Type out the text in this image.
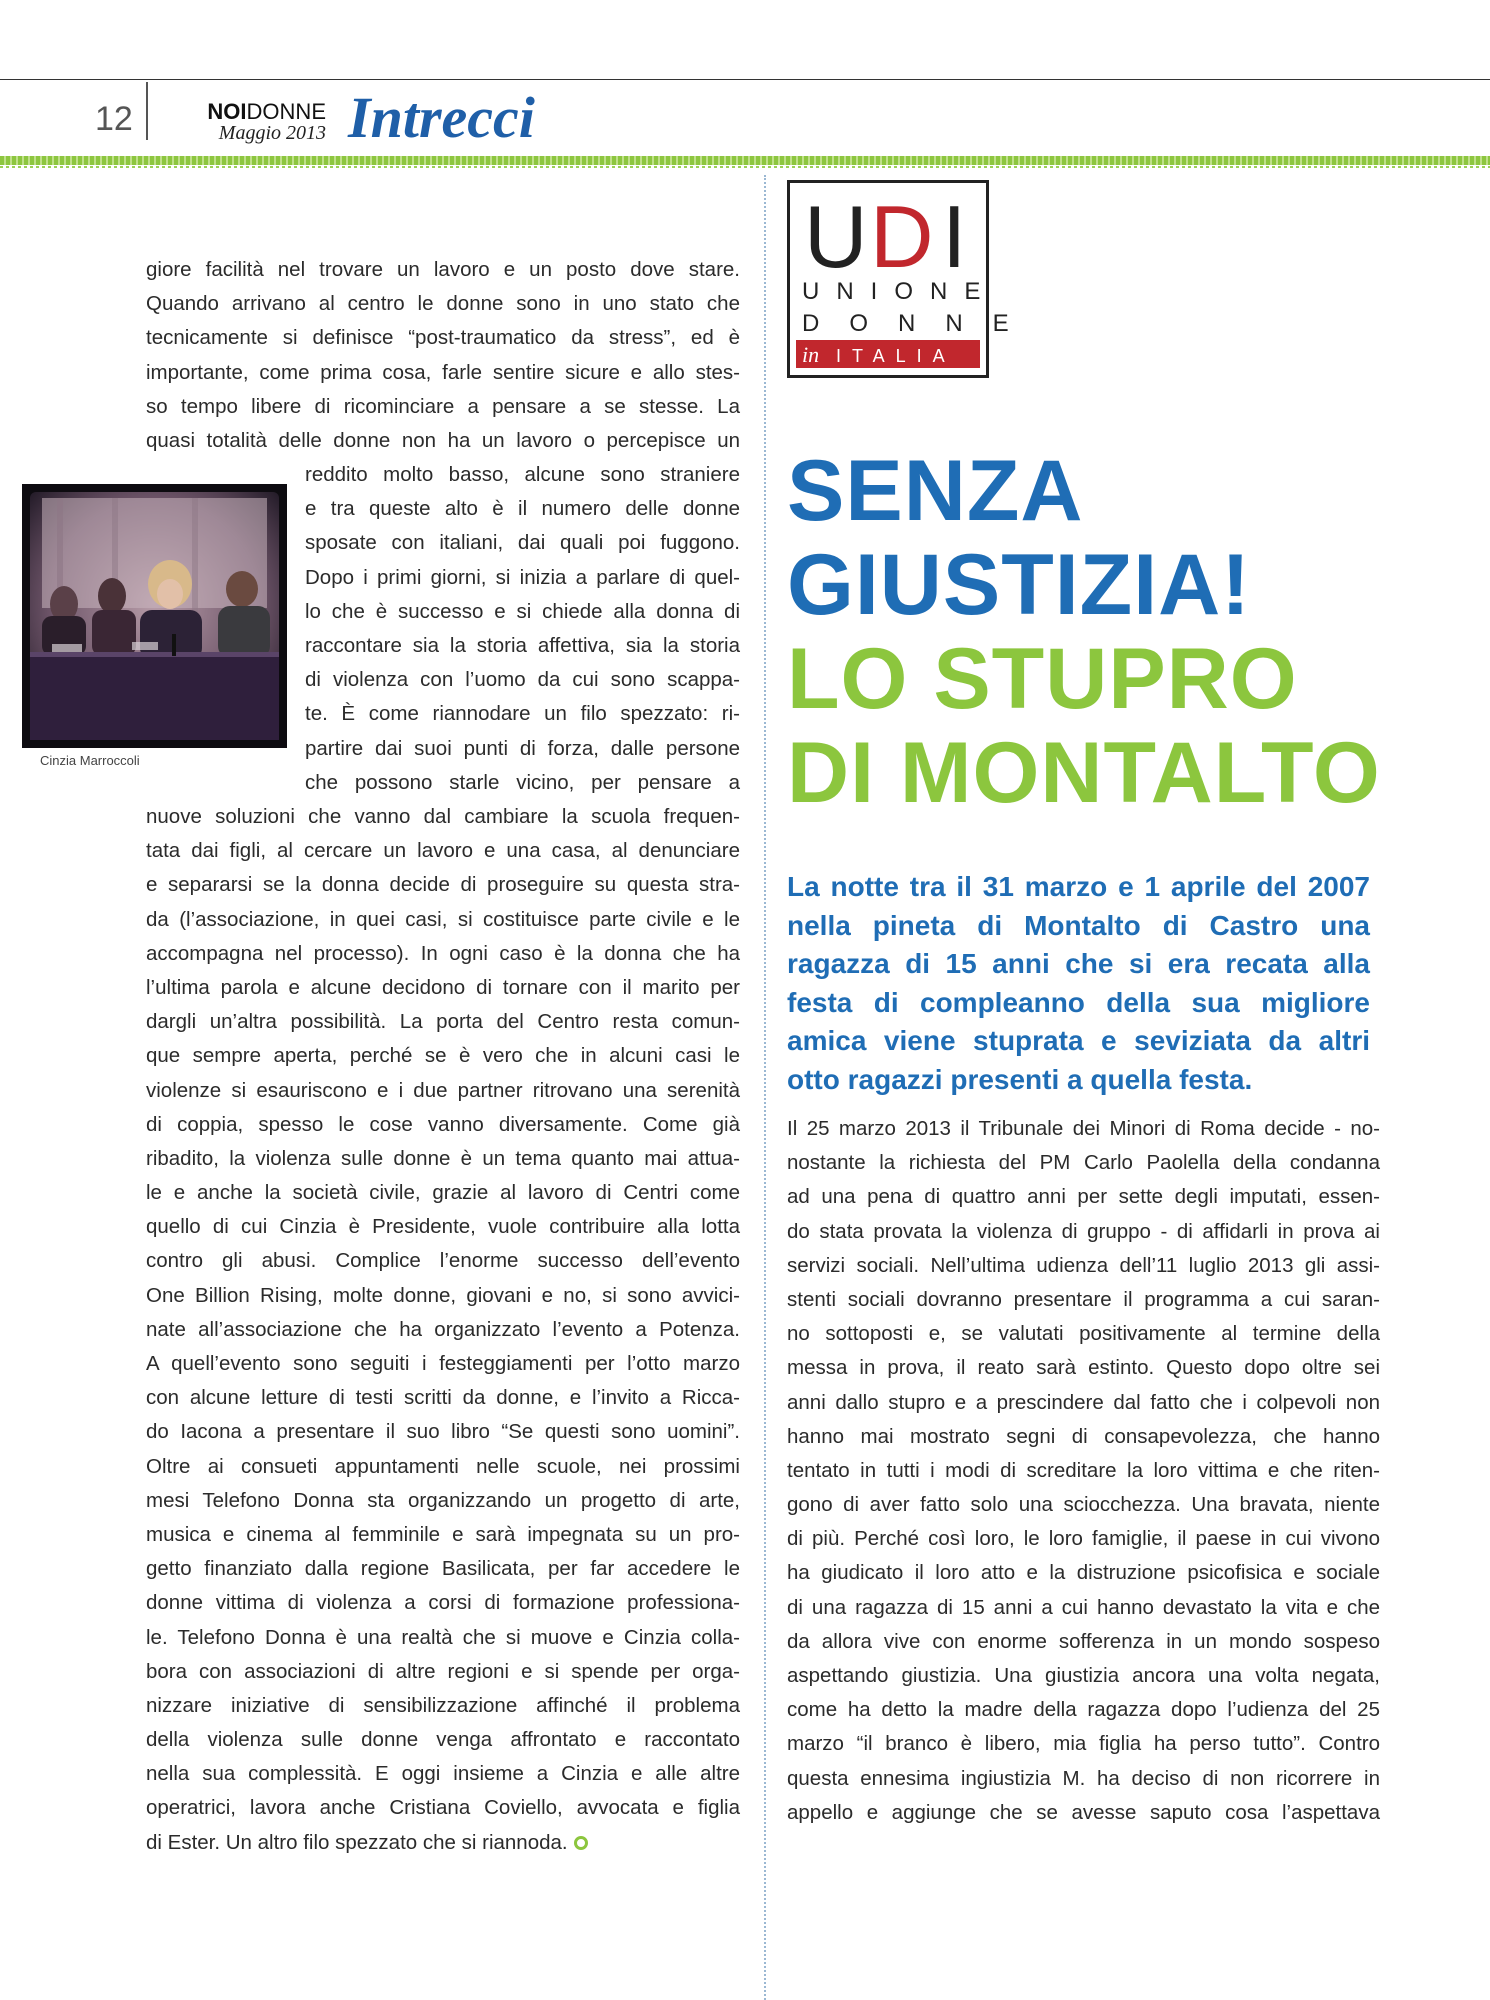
12	NOIDONNE
Maggio 2013 Intrecci
giore facilità nel trovare un lavoro e un posto dove stare.
Quando arrivano al centro le donne sono in uno stato che
tecnicamente si definisce “post-traumatico da stress”, ed è
importante, come prima cosa, farle sentire sicure e allo stes-
so tempo libere di ricominciare a pensare a se stesse. La
quasi totalità delle donne non ha un lavoro o percepisce un
reddito molto basso, alcune sono straniere
e tra queste alto è il numero delle donne
sposate con italiani, dai quali poi fuggono.
Dopo i primi giorni, si inizia a parlare di quel-
lo che è successo e si chiede alla donna di
raccontare sia la storia affettiva, sia la storia
di violenza con l’uomo da cui sono scappa-
te. È come riannodare un filo spezzato: ri-
partire dai suoi punti di forza, dalle persone
che possono starle vicino, per pensare a
nuove soluzioni che vanno dal cambiare la scuola frequen-
tata dai figli, al cercare un lavoro e una casa, al denunciare
e separarsi se la donna decide di proseguire su questa stra-
da (l’associazione, in quei casi, si costituisce parte civile e le
accompagna nel processo). In ogni caso è la donna che ha
l’ultima parola e alcune decidono di tornare con il marito per
dargli un’altra possibilità. La porta del Centro resta comun-
que sempre aperta, perché se è vero che in alcuni casi le
violenze si esauriscono e i due partner ritrovano una serenità
di coppia, spesso le cose vanno diversamente. Come già
ribadito, la violenza sulle donne è un tema quanto mai attua-
le e anche la società civile, grazie al lavoro di Centri come
quello di cui Cinzia è Presidente, vuole contribuire alla lotta
contro gli abusi. Complice l’enorme successo dell’evento
One Billion Rising, molte donne, giovani e no, si sono avvici-
nate all’associazione che ha organizzato l’evento a Potenza.
A quell’evento sono seguiti i festeggiamenti per l’otto marzo
con alcune letture di testi scritti da donne, e l’invito a Ricca-
do Iacona a presentare il suo libro “Se questi sono uomini”.
Oltre ai consueti appuntamenti nelle scuole, nei prossimi
mesi Telefono Donna sta organizzando un progetto di arte,
musica e cinema al femminile e sarà impegnata su un pro-
getto finanziato dalla regione Basilicata, per far accedere le
donne vittima di violenza a corsi di formazione professiona-
le. Telefono Donna è una realtà che si muove e Cinzia colla-
bora con associazioni di altre regioni e si spende per orga-
nizzare iniziative di sensibilizzazione affinché il problema
della violenza sulle donne venga affrontato e raccontato
nella sua complessità. E oggi insieme a Cinzia e alle altre
operatrici, lavora anche Cristiana Coviello, avvocata e figlia
di Ester. Un altro filo spezzato che si riannoda.
Cinzia Marroccoli
U D I
UNIONE
DONNE
in ITALIA
SENZA
GIUSTIZIA!
LO STUPRO
DI MONTALTO
La notte tra il 31 marzo e 1 aprile del 2007
nella pineta di Montalto di Castro una
ragazza di 15 anni che si era recata alla
festa di compleanno della sua migliore
amica viene stuprata e seviziata da altri
otto ragazzi presenti a quella festa.
Il 25 marzo 2013 il Tribunale dei Minori di Roma decide - no-
nostante la richiesta del PM Carlo Paolella della condanna
ad una pena di quattro anni per sette degli imputati, essen-
do stata provata la violenza di gruppo - di affidarli in prova ai
servizi sociali. Nell’ultima udienza dell’11 luglio 2013 gli assi-
stenti sociali dovranno presentare il programma a cui saran-
no sottoposti e, se valutati positivamente al termine della
messa in prova, il reato sarà estinto. Questo dopo oltre sei
anni dallo stupro e a prescindere dal fatto che i colpevoli non
hanno mai mostrato segni di consapevolezza, che hanno
tentato in tutti i modi di screditare la loro vittima e che riten-
gono di aver fatto solo una sciocchezza. Una bravata, niente
di più. Perché così loro, le loro famiglie, il paese in cui vivono
ha giudicato il loro atto e la distruzione psicofisica e sociale
di una ragazza di 15 anni a cui hanno devastato la vita e che
da allora vive con enorme sofferenza in un mondo sospeso
aspettando giustizia. Una giustizia ancora una volta negata,
come ha detto la madre della ragazza dopo l’udienza del 25
marzo “il branco è libero, mia figlia ha perso tutto”. Contro
questa ennesima ingiustizia M. ha deciso di non ricorrere in
appello e aggiunge che se avesse saputo cosa l’aspettava
